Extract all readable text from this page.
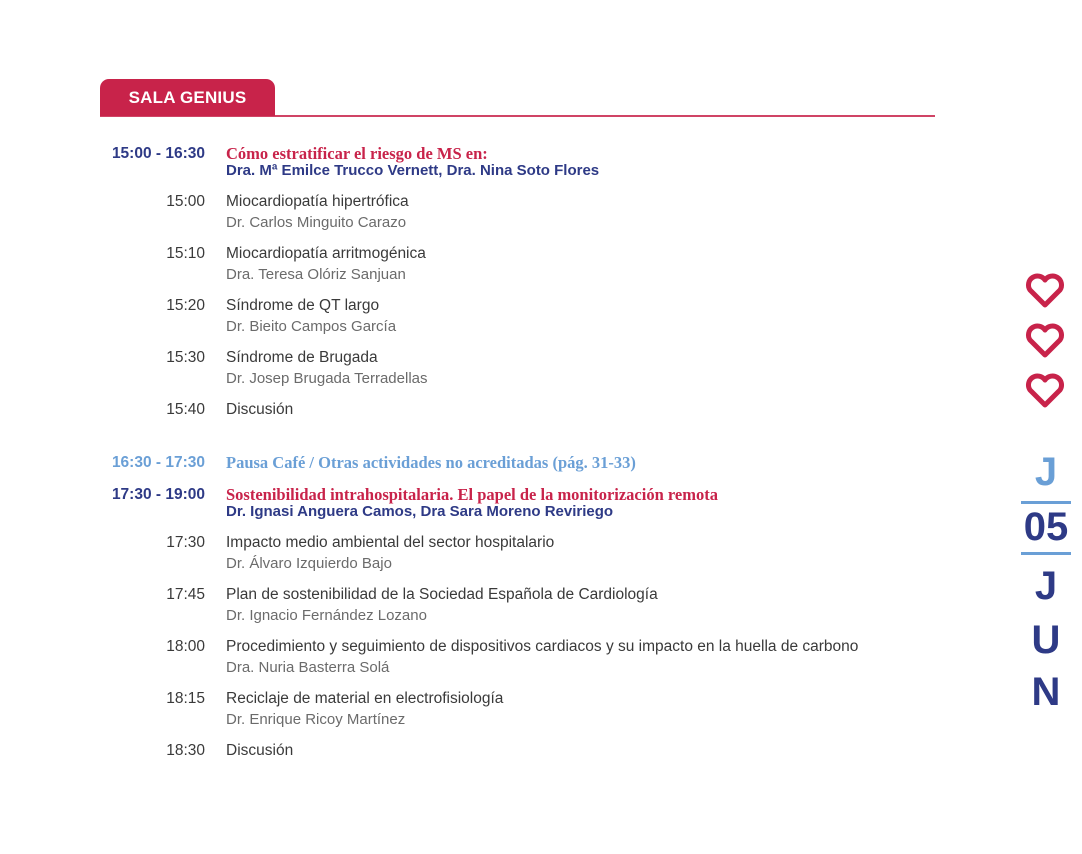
SALA GENIUS
15:00 - 16:30 Cómo estratificar el riesgo de MS en:
Dra. Mª Emilce Trucco Vernett, Dra. Nina Soto Flores
15:00 Miocardiopatía hipertrófica
Dr. Carlos Minguito Carazo
15:10 Miocardiopatía arritmogénica
Dra. Teresa Olóriz Sanjuan
15:20 Síndrome de QT largo
Dr. Bieito Campos García
15:30 Síndrome de Brugada
Dr. Josep Brugada Terradellas
15:40 Discusión
16:30 - 17:30 Pausa Café / Otras actividades no acreditadas (pág. 31-33)
17:30 - 19:00 Sostenibilidad intrahospitalaria. El papel de la monitorización remota
Dr. Ignasi Anguera Camos, Dra Sara Moreno Reviriego
17:30 Impacto medio ambiental del sector hospitalario
Dr. Álvaro Izquierdo Bajo
17:45 Plan de sostenibilidad de la Sociedad Española de Cardiología
Dr. Ignacio Fernández Lozano
18:00 Procedimiento y seguimiento de dispositivos cardiacos y su impacto en la huella de carbono
Dra. Nuria Basterra Solá
18:15 Reciclaje de material en electrofisiología
Dr. Enrique Ricoy Martínez
18:30 Discusión
J
05
J
U
N
